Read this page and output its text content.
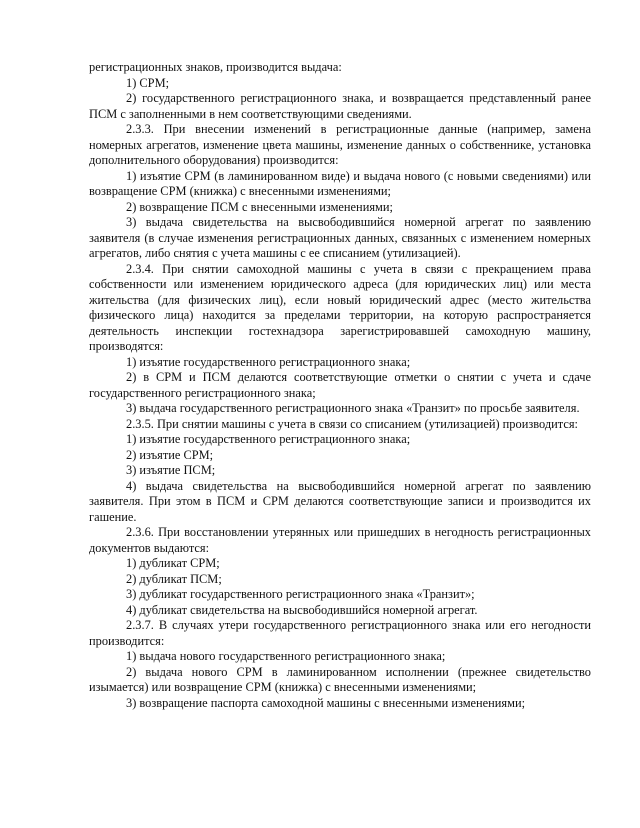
регистрационных знаков, производится выдача:

1) СРМ;

2) государственного регистрационного знака, и возвращается представленный ранее ПСМ с заполненными в нем соответствующими сведениями.

2.3.3. При внесении изменений в регистрационные данные (например, замена номерных агрегатов, изменение цвета машины, изменение данных о собственнике, установка дополнительного оборудования) производится:

1) изъятие СРМ (в ламинированном виде) и выдача нового (с новыми сведениями) или возвращение СРМ (книжка) с внесенными изменениями;

2) возвращение ПСМ с внесенными изменениями;

3) выдача свидетельства на высвободившийся номерной агрегат по заявлению заявителя (в случае изменения регистрационных данных, связанных с изменением номерных агрегатов, либо снятия с учета машины с ее списанием (утилизацией).

2.3.4. При снятии самоходной машины с учета в связи с прекращением права собственности или изменением юридического адреса (для юридических лиц) или места жительства (для физических лиц), если новый юридический адрес (место жительства физического лица) находится за пределами территории, на которую распространяется деятельность инспекции гостехнадзора зарегистрировавшей самоходную машину, производятся:

1) изъятие государственного регистрационного знака;

2) в СРМ и ПСМ делаются соответствующие отметки о снятии с учета и сдаче государственного регистрационного знака;

3) выдача государственного регистрационного знака «Транзит» по просьбе заявителя.

2.3.5. При снятии машины с учета в связи со списанием (утилизацией) производится:

1) изъятие государственного регистрационного знака;

2) изъятие СРМ;

3) изъятие ПСМ;

4) выдача свидетельства на высвободившийся номерной агрегат по заявлению заявителя. При этом в ПСМ и СРМ делаются соответствующие записи и производится их гашение.

2.3.6. При восстановлении утерянных или пришедших в негодность регистрационных документов выдаются:

1) дубликат СРМ;

2) дубликат ПСМ;

3) дубликат государственного регистрационного знака «Транзит»;

4) дубликат свидетельства на высвободившийся номерной агрегат.

2.3.7. В случаях утери государственного регистрационного знака или его негодности производится:

1) выдача нового государственного регистрационного знака;

2) выдача нового СРМ в ламинированном исполнении (прежнее свидетельство изымается) или возвращение СРМ (книжка) с внесенными изменениями;

3) возвращение паспорта самоходной машины с внесенными изменениями;
